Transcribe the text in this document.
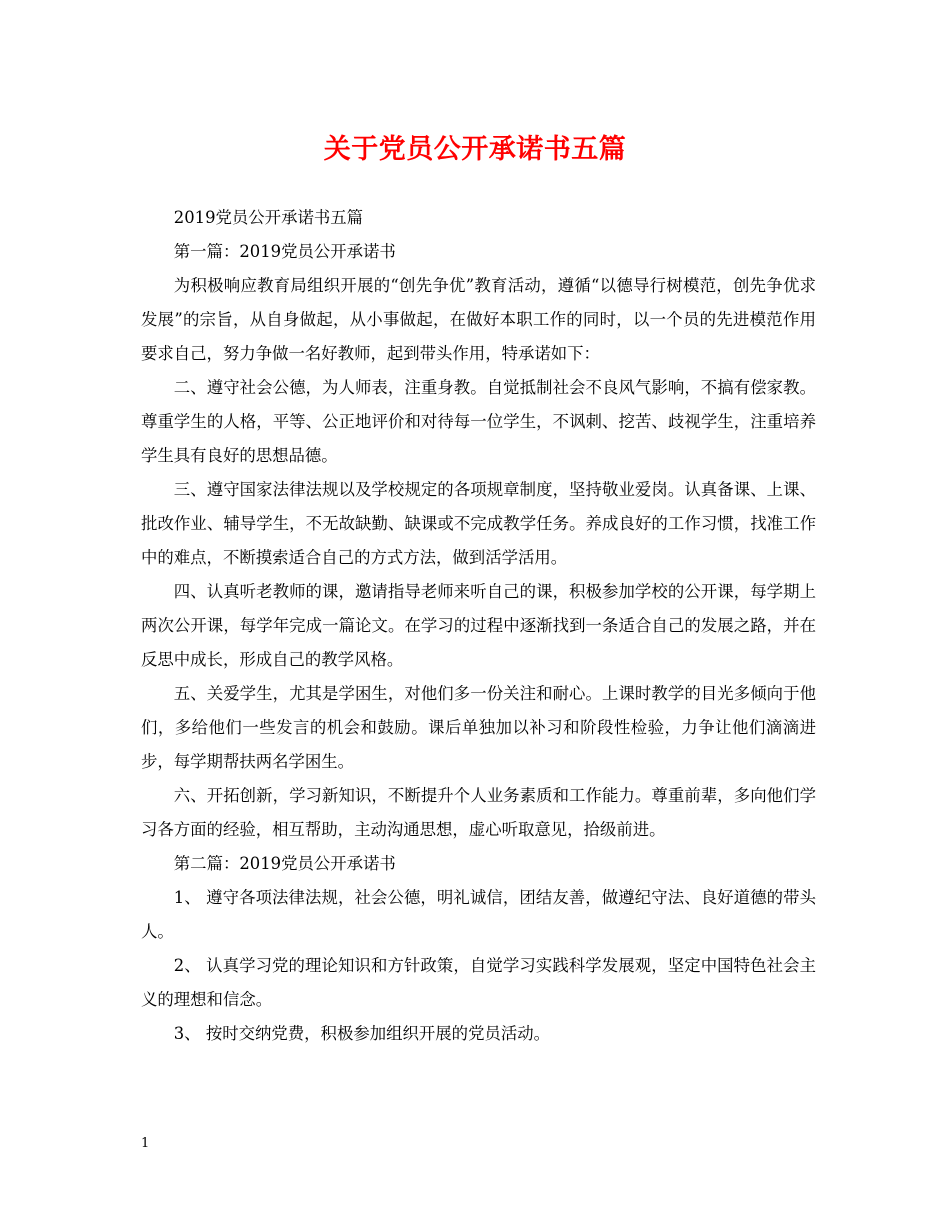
关于党员公开承诺书五篇

2019党员公开承诺书五篇

第一篇：2019党员公开承诺书

为积极响应教育局组织开展的“创先争优”教育活动，遵循“以德导行树模范，创先争优求发展”的宗旨，从自身做起，从小事做起，在做好本职工作的同时，以一个员的先进模范作用要求自己，努力争做一名好教师，起到带头作用，特承诺如下：

二、遵守社会公德，为人师表，注重身教。自觉抵制社会不良风气影响，不搞有偿家教。尊重学生的人格，平等、公正地评价和对待每一位学生，不讽刺、挖苦、歧视学生，注重培养学生具有良好的思想品德。

三、遵守国家法律法规以及学校规定的各项规章制度，坚持敬业爱岗。认真备课、上课、批改作业、辅导学生，不无故缺勤、缺课或不完成教学任务。养成良好的工作习惯，找准工作中的难点，不断摸索适合自己的方式方法，做到活学活用。

四、认真听老教师的课，邀请指导老师来听自己的课，积极参加学校的公开课，每学期上两次公开课，每学年完成一篇论文。在学习的过程中逐渐找到一条适合自己的发展之路，并在反思中成长，形成自己的教学风格。

五、关爱学生，尤其是学困生，对他们多一份关注和耐心。上课时教学的目光多倾向于他们，多给他们一些发言的机会和鼓励。课后单独加以补习和阶段性检验，力争让他们滴滴进步，每学期帮扶两名学困生。

六、开拓创新，学习新知识，不断提升个人业务素质和工作能力。尊重前辈，多向他们学习各方面的经验，相互帮助，主动沟通思想，虚心听取意见，拾级前进。

第二篇：2019党员公开承诺书

1、 遵守各项法律法规，社会公德，明礼诚信，团结友善，做遵纪守法、良好道德的带头人。

2、 认真学习党的理论知识和方针政策，自觉学习实践科学发展观，坚定中国特色社会主义的理想和信念。

3、 按时交纳党费，积极参加组织开展的党员活动。

1
